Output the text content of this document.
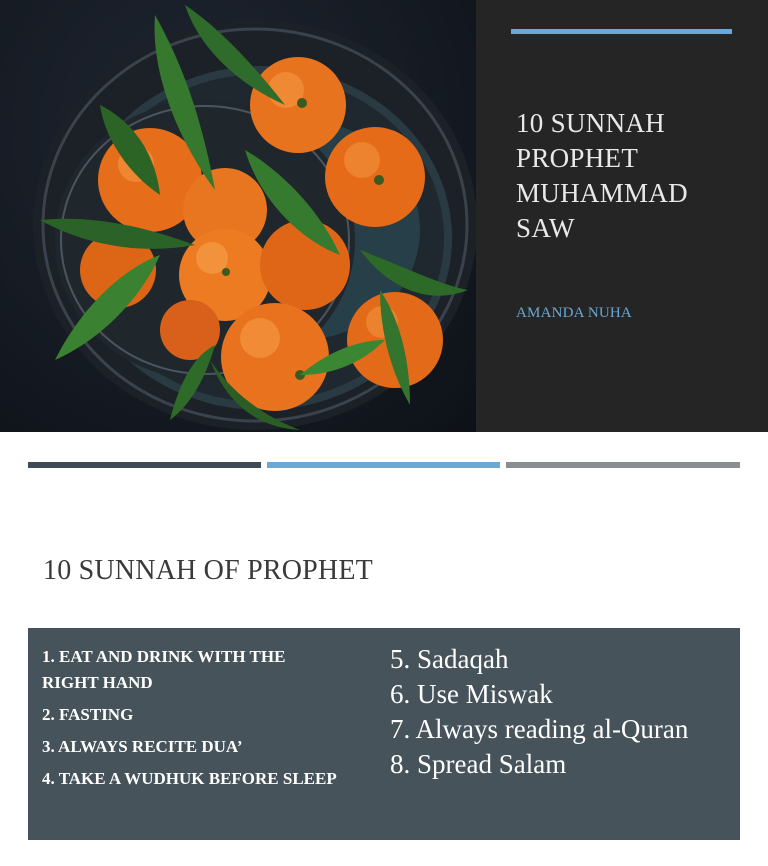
10 SUNNAH
PROPHET
MUHAMMAD
SAW
AMANDA NUHA
10 SUNNAH OF PROPHET
1. EAT AND DRINK WITH THE RIGHT HAND
2. FASTING
3. ALWAYS RECITE DUA’
4. TAKE A WUDHUK BEFORE SLEEP
5. Sadaqah
6. Use Miswak
7. Always reading al-Quran
8. Spread Salam
